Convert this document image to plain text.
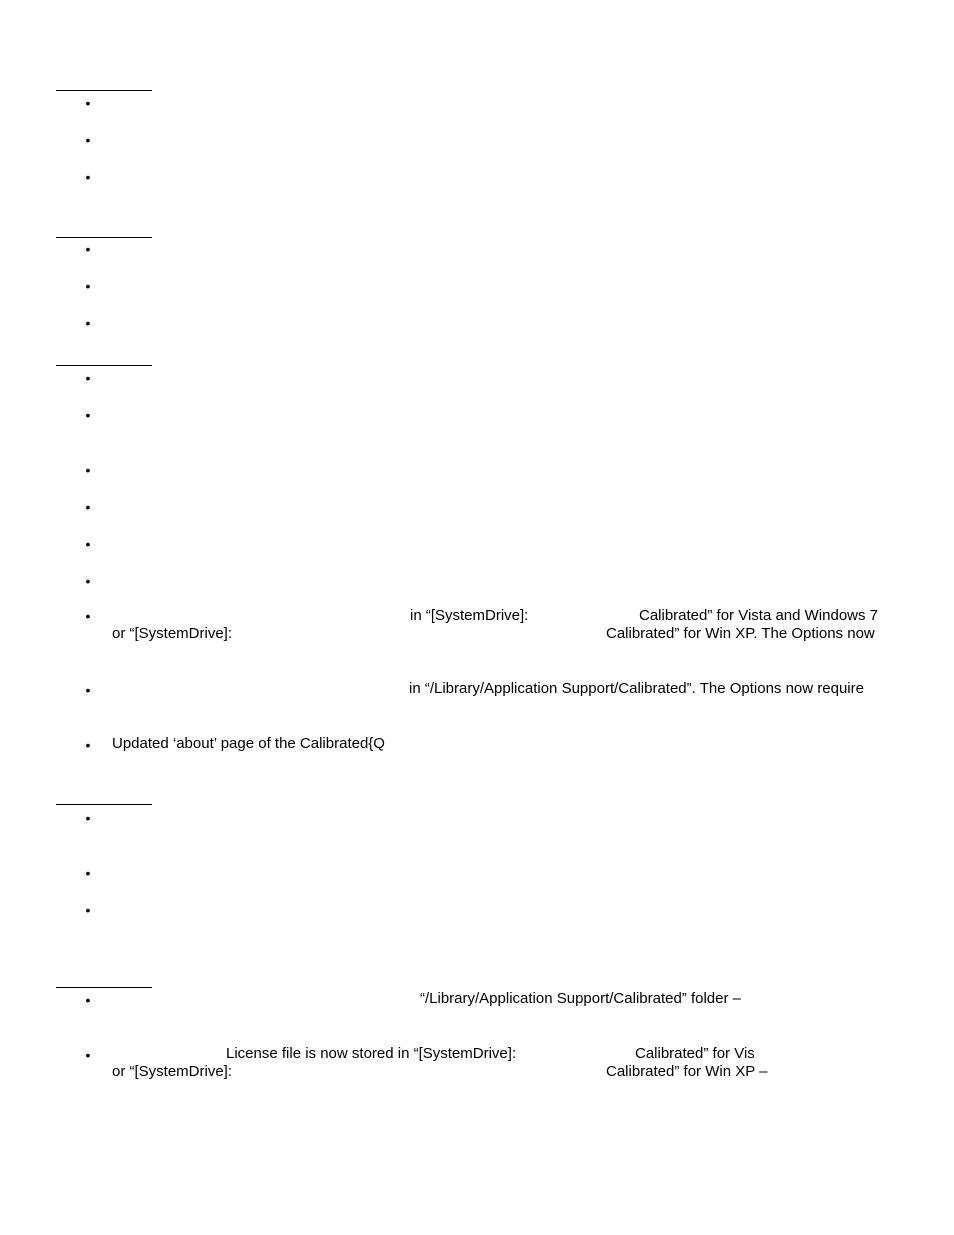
•
•
•
•
•
•
•
•
•
•
•
•
•	in “[SystemDrive]:	Calibrated” for Vista and Windows 7
or “[SystemDrive]:	Calibrated” for Win XP. The Options now
•	in “/Library/Application Support/Calibrated”. The Options now require
• Updated ‘about’ page of the Calibrated{Q
•
•
•
•	“/Library/Application Support/Calibrated” folder –
•	License file is now stored in “[SystemDrive]:	Calibrated” for Vis
or “[SystemDrive]:	Calibrated” for Win XP –
